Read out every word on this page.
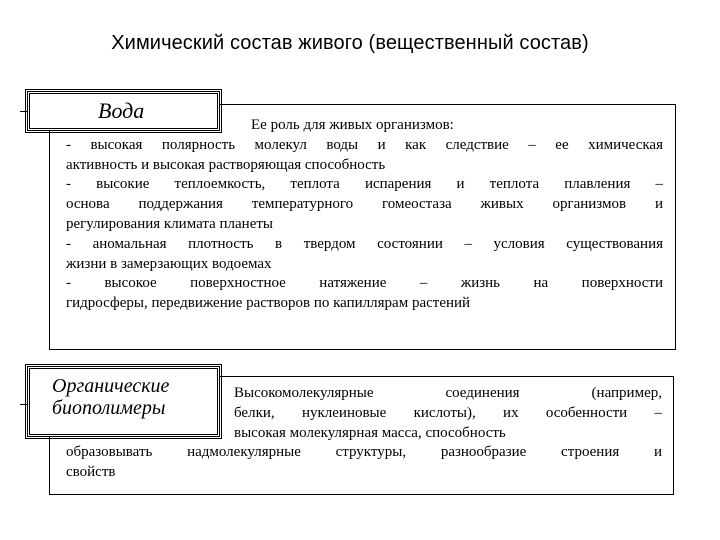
Химический состав живого (вещественный состав)
Вода
Ее роль для живых организмов:
- высокая полярность молекул воды и как следствие – ее химическая
активность и высокая растворяющая способность
- высокие теплоемкость, теплота испарения и теплота плавления –
основа поддержания температурного гомеостаза живых организмов и
регулирования климата планеты
- аномальная плотность в твердом состоянии – условия существования
жизни в замерзающих водоемах
- высокое поверхностное натяжение – жизнь на поверхности
гидросферы, передвижение растворов по капиллярам растений
Органические
биополимеры
Высокомолекулярные соединения (например,
белки, нуклеиновые кислоты), их особенности –
высокая молекулярная масса, способность
образовывать надмолекулярные структуры, разнообразие строения и
свойств
